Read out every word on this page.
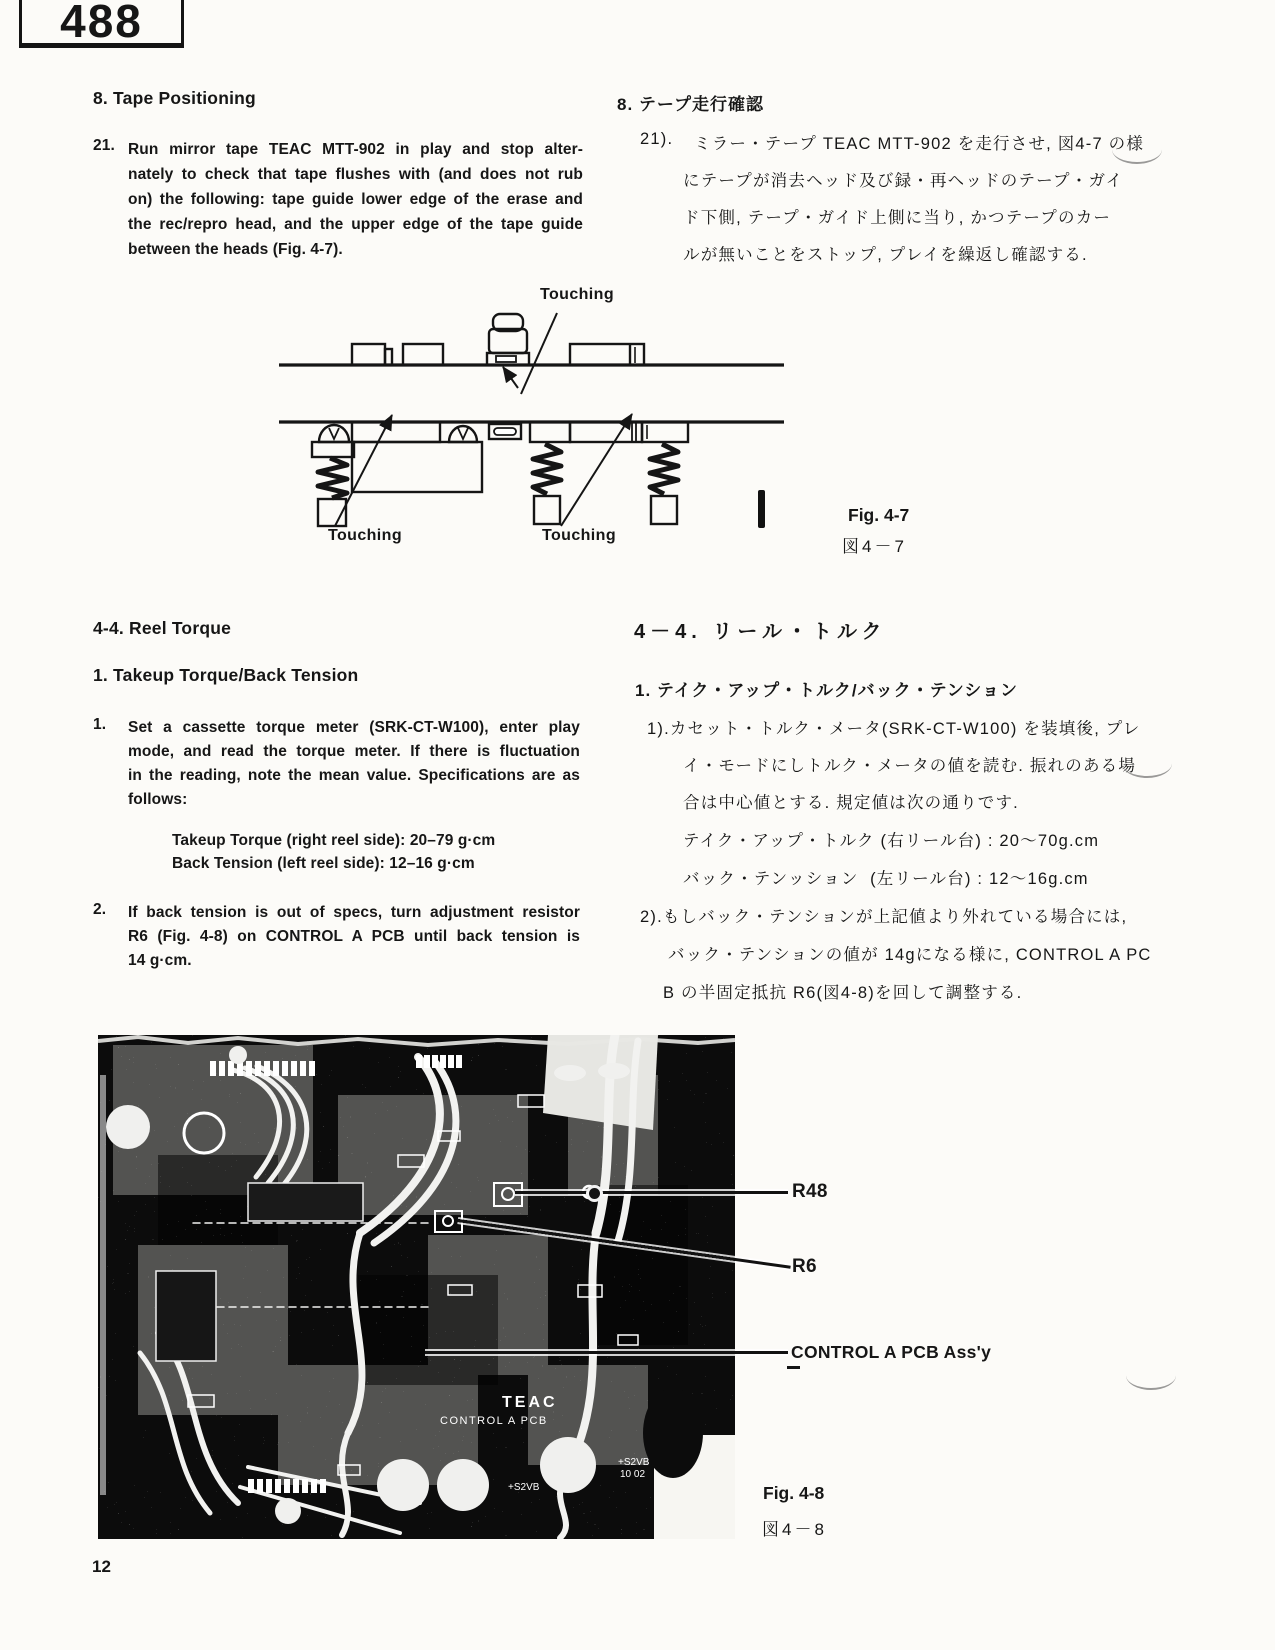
488
8. Tape Positioning
21. Run mirror tape TEAC MTT-902 in play and stop alter-
nately to check that tape flushes with (and does not rub
on) the following: tape guide lower edge of the erase and
the rec/repro head, and the upper edge of the tape guide
between the heads (Fig. 4-7).
4-4. Reel Torque
1. Takeup Torque/Back Tension
1. Set a cassette torque meter (SRK-CT-W100), enter play
mode, and read the torque meter. If there is fluctuation
in the reading, note the mean value. Specifications are as
follows:
Takeup Torque (right reel side): 20–79 g·cm
Back Tension (left reel side): 12–16 g·cm
2. If back tension is out of specs, turn adjustment resistor
R6 (Fig. 4-8) on CONTROL A PCB until back tension is
14 g·cm.
8. テープ走行確認
21). ミラー・テープ TEAC MTT-902 を走行させ, 図4-7 の様
にテープが消去ヘッド及び録・再ヘッドのテープ・ガイ
ド下側, テープ・ガイド上側に当り, かつテープのカー
ルが無いことをストップ, プレイを繰返し確認する.
4－4. リール・トルク
1. テイク・アップ・トルク/バック・テンション
1).カセット・トルク・メータ(SRK-CT-W100) を装填後, プレ
イ・モードにしトルク・メータの値を読む. 振れのある場
合は中心値とする. 規定値は次の通りです.
テイク・アップ・トルク (右リール台) : 20〜70g.cm
バック・テンッション  (左リール台) : 12〜16g.cm
2).もしバック・テンションが上記値より外れている場合には,
バック・テンションの値が 14gになる様に, CONTROL A PC
B の半固定抵抗 R6(図4-8)を回して調整する.
Touching
Touching	Touching
Fig. 4-7
図4－7
TEAC
CONTROL A PCB
+S2VB
10 02
+S2VB
R48
R6
CONTROL A PCB Ass'y
Fig. 4-8
図4－8
12
